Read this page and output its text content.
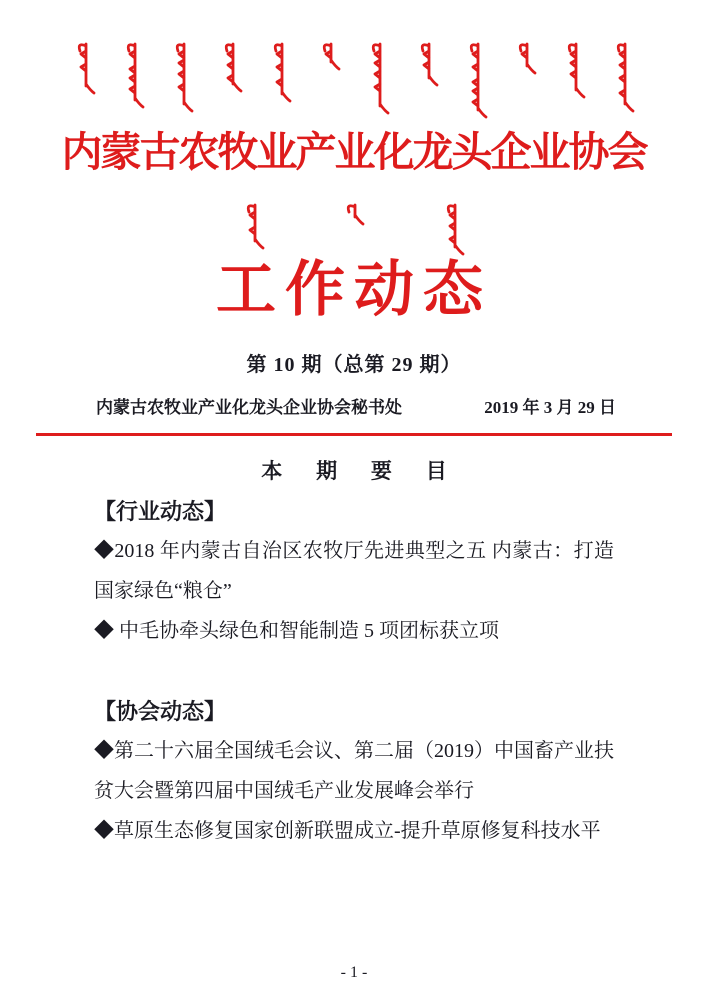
内蒙古农牧业产业化龙头企业协会
工作动态
第 10 期（总第 29 期）
内蒙古农牧业产业化龙头企业协会秘书处	2019 年 3 月 29 日
本 期 要 目
【行业动态】

◆2018 年内蒙古自治区农牧厅先进典型之五 内蒙古：打造国家绿色“粮仓”

◆ 中毛协牵头绿色和智能制造 5 项团标获立项

【协会动态】

◆第二十六届全国绒毛会议、第二届（2019）中国畜产业扶贫大会暨第四届中国绒毛产业发展峰会举行

◆草原生态修复国家创新联盟成立-提升草原修复科技水平

- 1 -
